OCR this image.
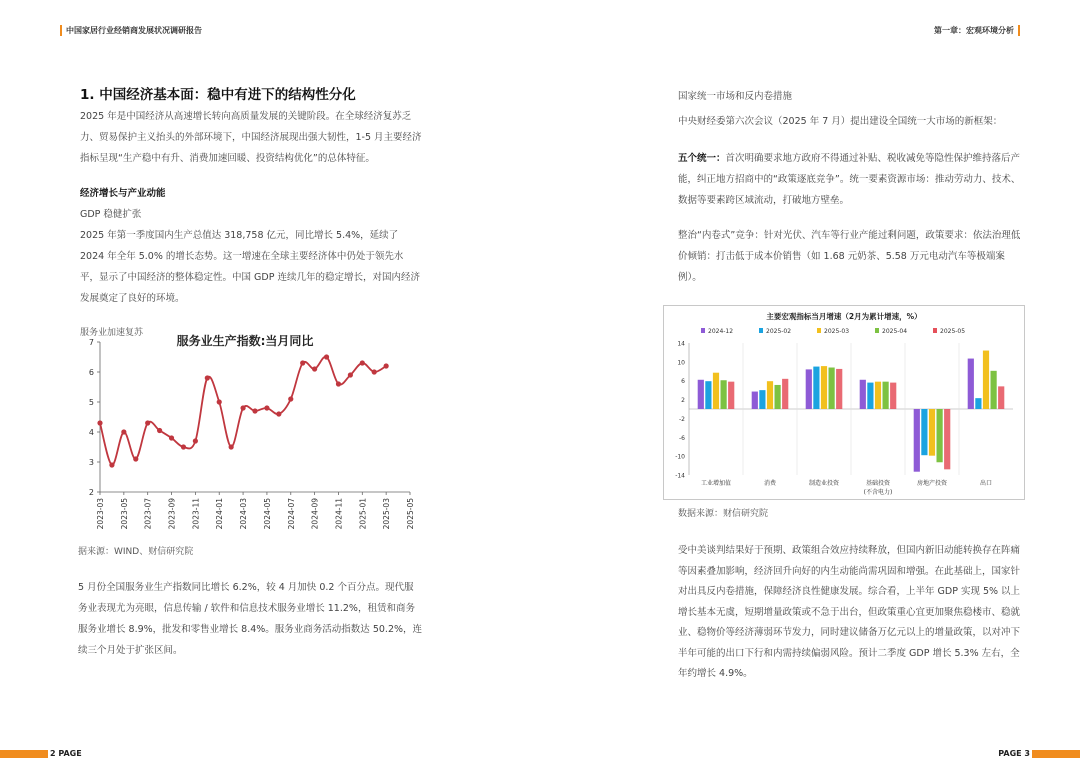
中国家居行业经销商发展状况调研报告	第一章：宏观环境分析

1. 中国经济基本面：稳中有进下的结构性分化

2025 年是中国经济从高速增长转向高质量发展的关键阶段。在全球经济复苏乏力、贸易保护主义抬头的外部环境下，中国经济展现出强大韧性，1-5 月主要经济指标呈现“生产稳中有升、消费加速回暖、投资结构优化”的总体特征。

经济增长与产业动能

GDP 稳健扩张

2025 年第一季度国内生产总值达 318,758 亿元，同比增长 5.4%，延续了 2024 年全年 5.0% 的增长态势。这一增速在全球主要经济体中仍处于领先水平，显示了中国经济的整体稳定性。中国 GDP 连续几年的稳定增长，对国内经济发展奠定了良好的环境。

服务业加速复苏

服务业生产指数:当月同比
2
3
4
5
6
7
2023-03 2023-05 2023-07 2023-09 2023-11 2024-01 2024-03 2024-05 2024-07 2024-09 2024-11 2025-01 2025-03 2025-05

据来源：WIND、财信研究院

5 月份全国服务业生产指数同比增长 6.2%，较 4 月加快 0.2 个百分点。现代服务业表现尤为亮眼，信息传输 / 软件和信息技术服务业增长 11.2%，租赁和商务服务业增长 8.9%，批发和零售业增长 8.4%。服务业商务活动指数达 50.2%，连续三个月处于扩张区间。

国家统一市场和反内卷措施

中央财经委第六次会议（2025 年 7 月）提出建设全国统一大市场的新框架：

五个统一：首次明确要求地方政府不得通过补贴、税收减免等隐性保护维持落后产能，纠正地方招商中的“政策逐底竞争”。统一要素资源市场：推动劳动力、技术、数据等要素跨区域流动，打破地方壁垒。

整治“内卷式”竞争：针对光伏、汽车等行业产能过剩问题，政策要求：依法治理低价倾销：打击低于成本价销售（如 1.68 元奶茶、5.58 万元电动汽车等极端案例）。

主要宏观指标当月增速（2月为累计增速，%）
2024-12	2025-02	2025-03	2025-04	2025-05
14
10
6
2
-2
-6
-10
-14
工业增加值	消费	制造业投资	基础投资
(不含电力)
房地产投资	出口

数据来源：财信研究院

受中美谈判结果好于预期、政策组合效应持续释放，但国内新旧动能转换存在阵痛等因素叠加影响，经济回升向好的内生动能尚需巩固和增强。在此基础上，国家针对出具反内卷措施，保障经济良性健康发展。综合看，上半年 GDP 实现 5% 以上增长基本无虞，短期增量政策或不急于出台，但政策重心宜更加聚焦稳楼市、稳就业、稳物价等经济薄弱环节发力，同时建议储备万亿元以上的增量政策，以对冲下半年可能的出口下行和内需持续偏弱风险。预计二季度 GDP 增长 5.3% 左右，全年约增长 4.9%。

2 PAGE	PAGE 3
